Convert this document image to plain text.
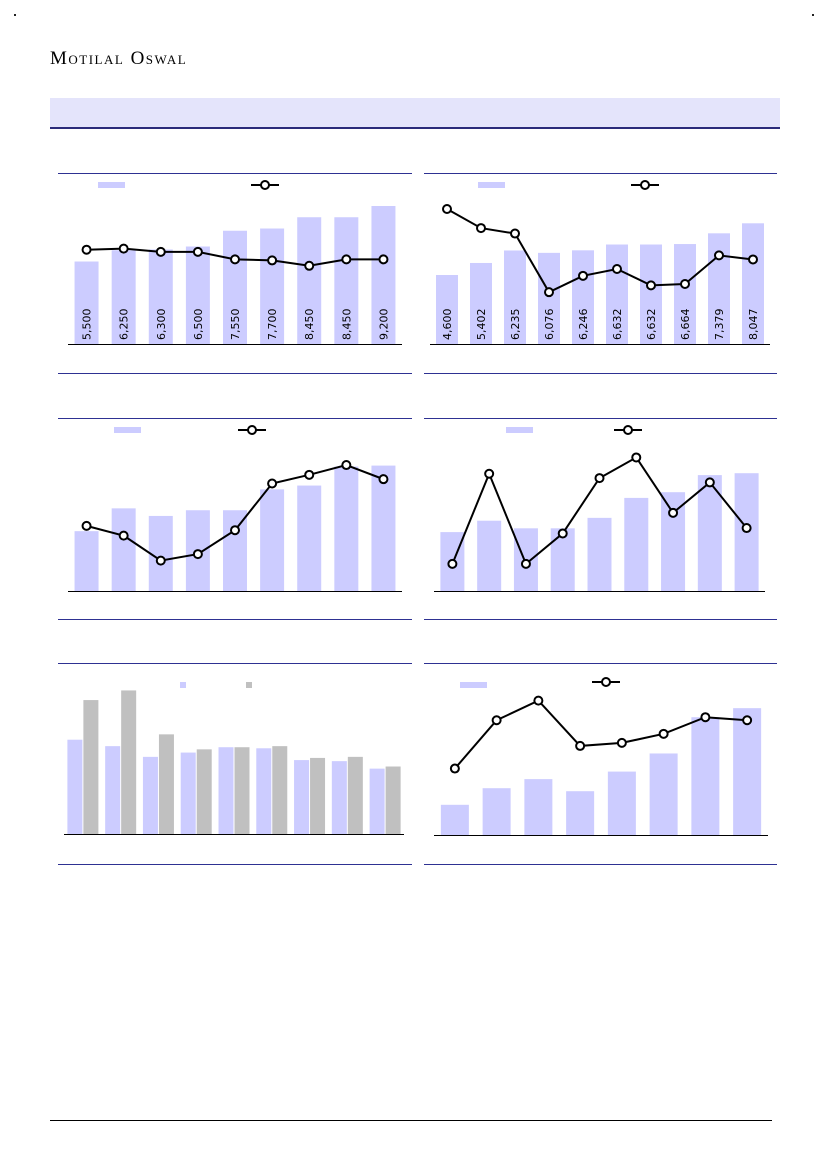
Motilal Oswal
5,500 6,250 6,300 6,500 7,550 7,700 8,450 8,450 9,200	4,600 5,402 6,235 6,076 6,246 6,632 6,632 6,664 7,379 8,047
